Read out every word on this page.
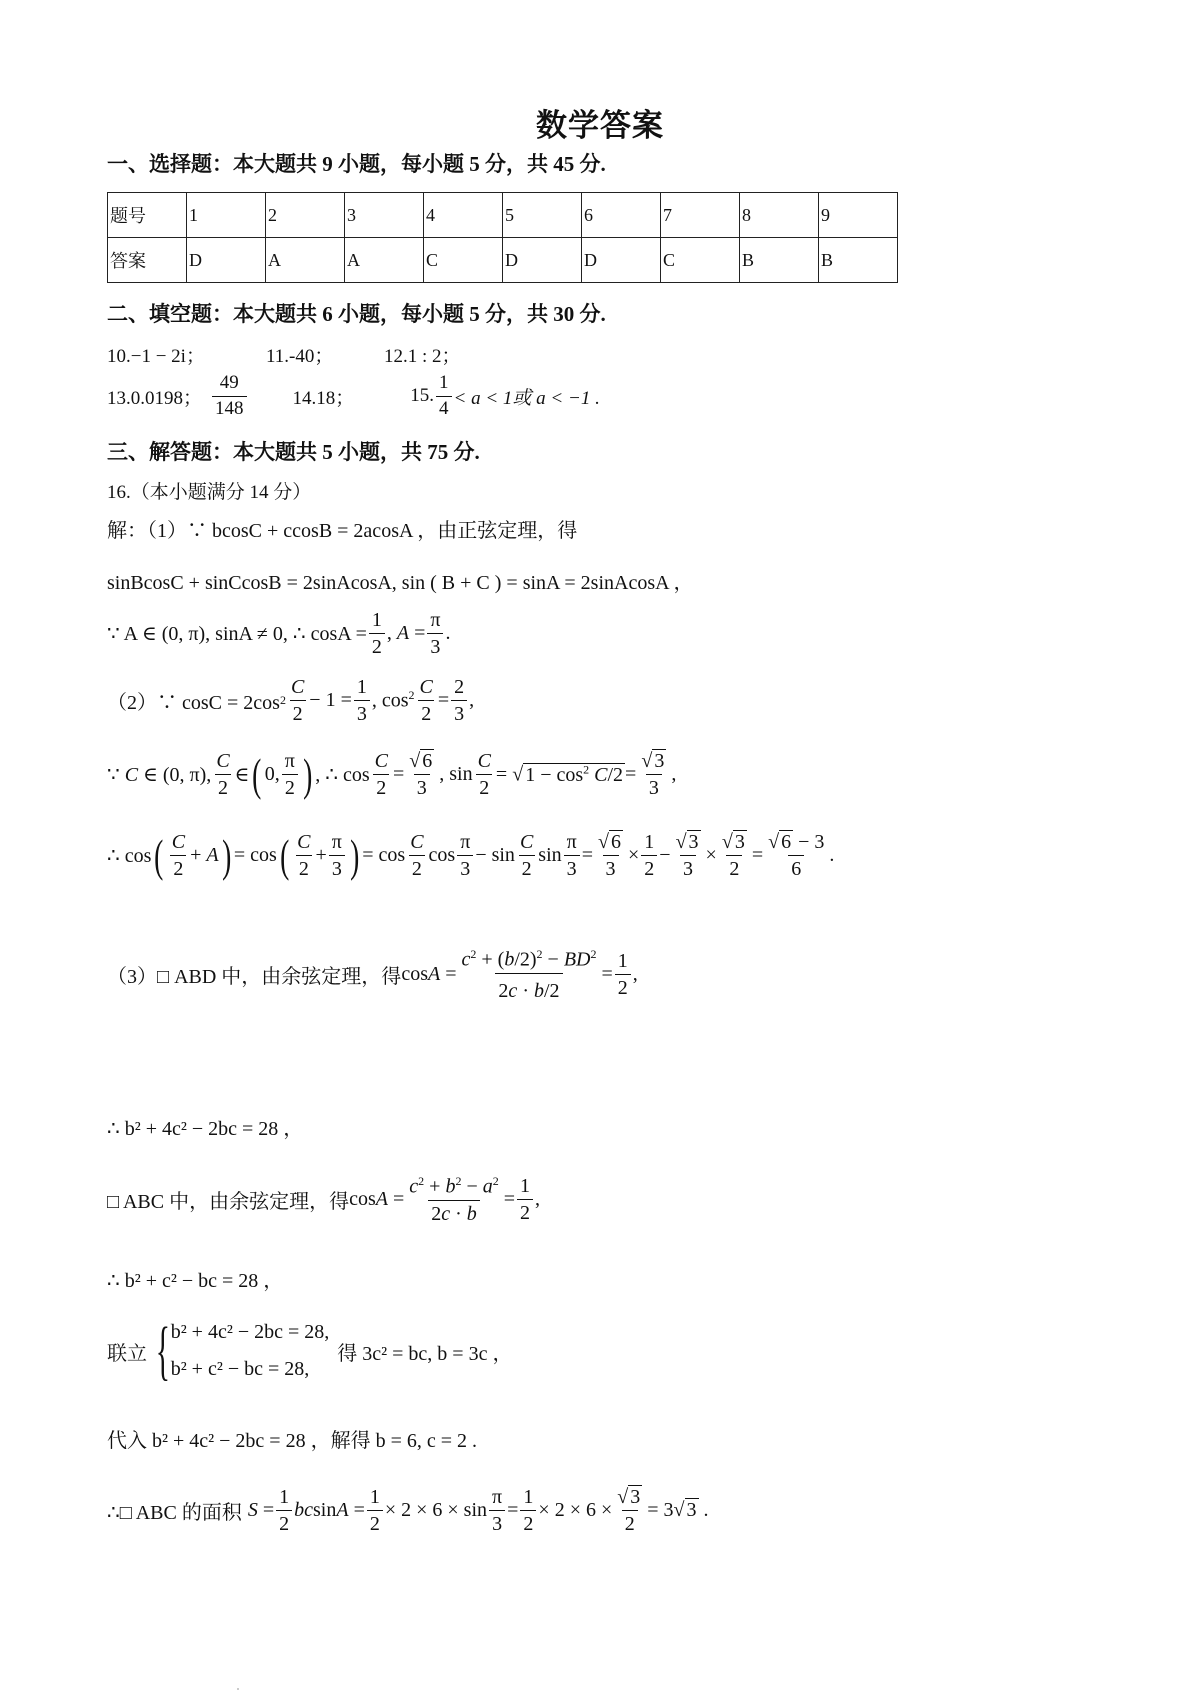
数学答案
一、选择题：本大题共 9 小题，每小题 5 分，共 45 分.
题号	1	2	3	4	5	6	7	8	9
答案	D	A	A	C	D	D	C	B	B
二、填空题：本大题共 6 小题，每小题 5 分，共 30 分.
10.−1 − 2i；	11.-40；	12.1 : 2；
13.0.0198； $\frac{49}{148} 14.18$；	15. $\frac{1}{4} < a < 1$或 a < −1 .
三、解答题：本大题共 5 小题，共 75 分.
16.（本小题满分 14 分）
解：（1）∵ bcosC + ccosB = 2acosA ，由正弦定理，得
sinBcosC + sinCcosB = 2sinAcosA, sin ( B + C ) = sinA = 2sinAcosA ，
∵ A ∈ (0, π), sinA ≠ 0, ∴ $\cos A = \frac{1}{2}$ , $A = \frac{\pi}{3}$ .
（2）∵ cosC = 2cos $2 \frac{C}{2} - 1 = \frac{1}{3}$ , $\cos^2 \frac{C}{2} = \frac{2}{3}$ ,
∵ C ∈ (0, π), $\frac{C}{2}$ ∈ ( 0, $\frac{\pi}{2}$ ) , ∴ $\cos \frac{C}{2} = \frac{√ 6}{3}$ , $\sin \frac{C}{2}$ = √ $1 - \cos^2 C/2 = \frac{√ 3}{3}$ ,
∴ cos ( $\frac{C}{2} + A$ ) = cos ( $\frac{C}{2} + \frac{\pi}{3}$ ) = $\cos \frac{C}{2}$ $\cos \frac{\pi}{3} - \sin \frac{C}{2}$ $\sin \frac{\pi}{3} = \frac{√ 6}{3} \times \frac{1}{2} - \frac{√ 3}{3} \times \frac{√ 3}{2} = \frac{√ 6 - 3}{6}$ .
（3）□ ABD 中，由余弦定理，得 $\cos A = \frac{c^2 + (b/2)^2 - BD^2}{2c \cdot b/2} = \frac{1}{2}$ ,
∴ b² + 4c² − 2bc = 28 ，
□ ABC 中，由余弦定理，得 $\cos A = \frac{c^2 + b^2 - a^2}{2c \cdot b} = \frac{1}{2}$ ,
∴ b² + c² − bc = 28 ，
联立 { b² + 4c² − 2bc = 28,
b² + c² − bc = 28,
得 3c² = bc, b = 3c ，
代入 b² + 4c² − 2bc = 28 ，解得 b = 6, c = 2 .
∴□ ABC 的面积 $S = \frac{1}{2}$ $bcsinA = \frac{1}{2} \times 2 \times 6 \times \sin \frac{\pi}{3} = \frac{1}{2} \times 2 \times 6 \times \frac{√ 3}{2} = 3√$ 3 .
